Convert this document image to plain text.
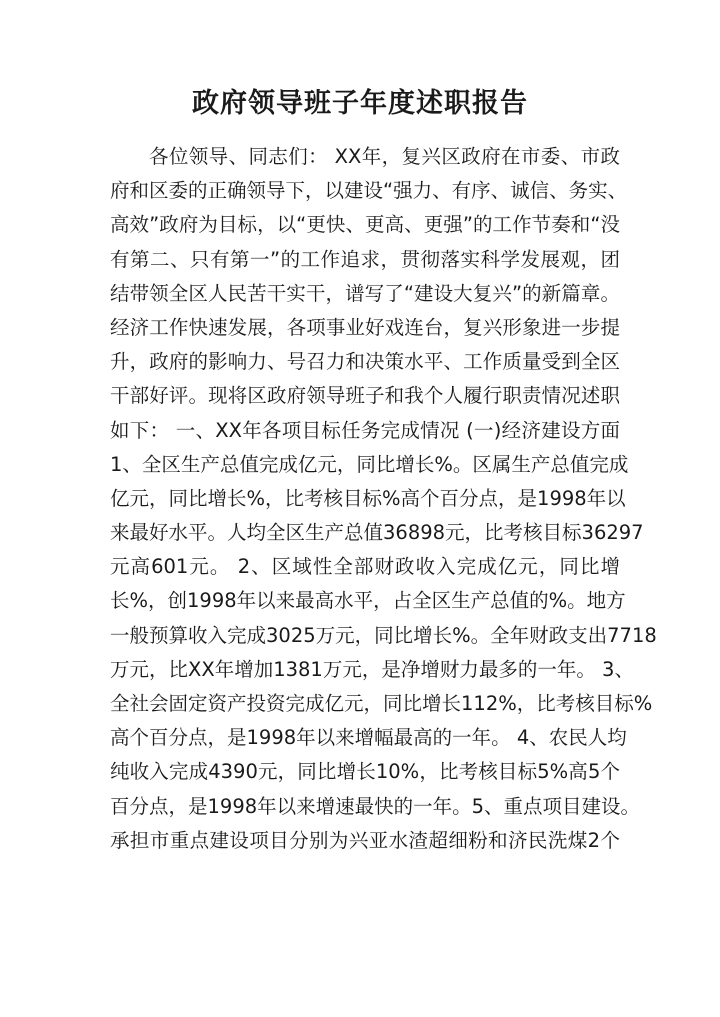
政府领导班子年度述职报告
各位领导、同志们： XX年，复兴区政府在市委、市政
府和区委的正确领导下，以建设“强力、有序、诚信、务实、
高效”政府为目标，以“更快、更高、更强”的工作节奏和“没
有第二、只有第一”的工作追求，贯彻落实科学发展观，团
结带领全区人民苦干实干，谱写了“建设大复兴”的新篇章。
经济工作快速发展，各项事业好戏连台，复兴形象进一步提
升，政府的影响力、号召力和决策水平、工作质量受到全区
干部好评。现将区政府领导班子和我个人履行职责情况述职
如下： 一、XX年各项目标任务完成情况 (一)经济建设方面
1、全区生产总值完成亿元，同比增长%。区属生产总值完成
亿元，同比增长%，比考核目标%高个百分点，是1998年以
来最好水平。人均全区生产总值36898元，比考核目标36297
元高601元。 2、区域性全部财政收入完成亿元，同比增
长%，创1998年以来最高水平，占全区生产总值的%。地方
一般预算收入完成3025万元，同比增长%。全年财政支出7718
万元，比XX年增加1381万元，是净增财力最多的一年。 3、
全社会固定资产投资完成亿元，同比增长112%，比考核目标%
高个百分点，是1998年以来增幅最高的一年。 4、农民人均
纯收入完成4390元，同比增长10%，比考核目标5%高5个
百分点，是1998年以来增速最快的一年。5、重点项目建设。
承担市重点建设项目分别为兴亚水渣超细粉和济民洗煤2个
